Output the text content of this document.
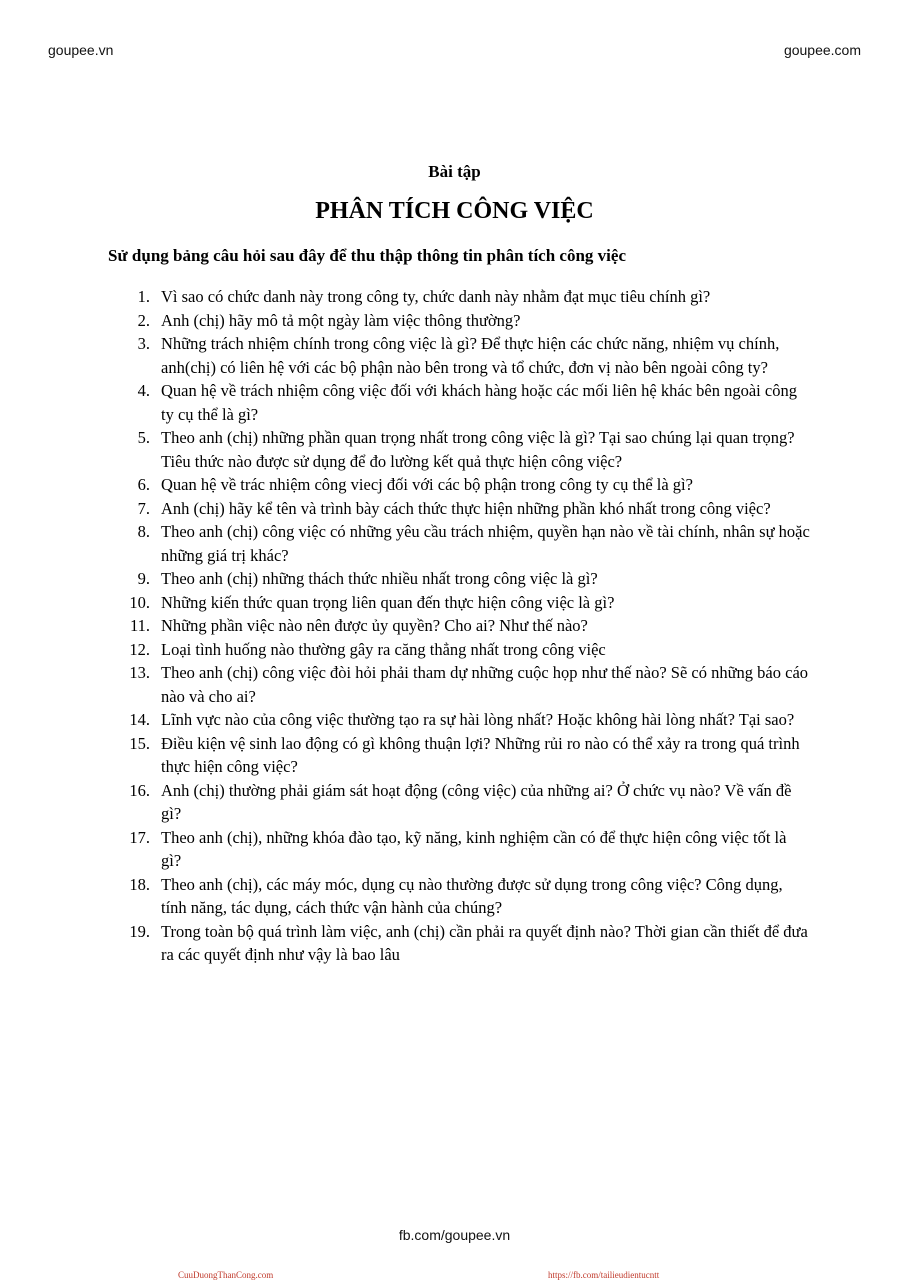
goupee.vn	goupee.com
Bài tập
PHÂN TÍCH CÔNG VIỆC
Sử dụng bảng câu hỏi sau đây để thu thập thông tin phân tích công việc
1. Vì sao có chức danh này trong công ty, chức danh này nhằm đạt mục tiêu chính gì?
2. Anh (chị) hãy mô tả một ngày làm việc thông thường?
3. Những trách nhiệm chính trong công việc là gì? Để thực hiện các chức năng, nhiệm vụ chính, anh(chị) có liên hệ với các bộ phận nào bên trong và tổ chức, đơn vị nào bên ngoài công ty?
4. Quan hệ về trách nhiệm công việc đối với khách hàng hoặc các mối liên hệ khác bên ngoài công ty cụ thể là gì?
5. Theo anh (chị) những phần quan trọng nhất trong công việc là gì? Tại sao chúng lại quan trọng? Tiêu thức nào được sử dụng để đo lường kết quả thực hiện công việc?
6. Quan hệ về trác nhiệm công viecj đối với các bộ phận trong công ty cụ thể là gì?
7. Anh (chị) hãy kể tên và trình bày cách thức thực hiện những phần khó nhất trong công việc?
8. Theo anh (chị) công việc có những yêu cầu trách nhiệm, quyền hạn nào về tài chính, nhân sự hoặc những giá trị khác?
9. Theo anh (chị) những thách thức nhiều nhất trong công việc là gì?
10. Những kiến thức quan trọng liên quan đến thực hiện công việc là gì?
11. Những phần việc nào nên được ủy quyền? Cho ai? Như thế nào?
12. Loại tình huống nào thường gây ra căng thẳng nhất trong công việc
13. Theo anh (chị) công việc đòi hỏi phải tham dự những cuộc họp như thế nào? Sẽ có những báo cáo nào và cho ai?
14. Lĩnh vực nào của công việc thường tạo ra sự hài lòng nhất? Hoặc không hài lòng nhất? Tại sao?
15. Điều kiện vệ sinh lao động có gì không thuận lợi? Những rủi ro nào có thể xảy ra trong quá trình thực hiện công việc?
16. Anh (chị) thường phải giám sát hoạt động (công việc) của những ai? Ở chức vụ nào? Về vấn đề gì?
17. Theo anh (chị), những khóa đào tạo, kỹ năng, kinh nghiệm cần có để thực hiện công việc tốt là gì?
18. Theo anh (chị), các máy móc, dụng cụ nào thường được sử dụng trong công việc? Công dụng, tính năng, tác dụng, cách thức vận hành của chúng?
19. Trong toàn bộ quá trình làm việc, anh (chị) cần phải ra quyết định nào? Thời gian cần thiết để đưa ra các quyết định như vậy là bao lâu
fb.com/goupee.vn
CuuDuongThanCong.com	https://fb.com/tailieudientucntt
